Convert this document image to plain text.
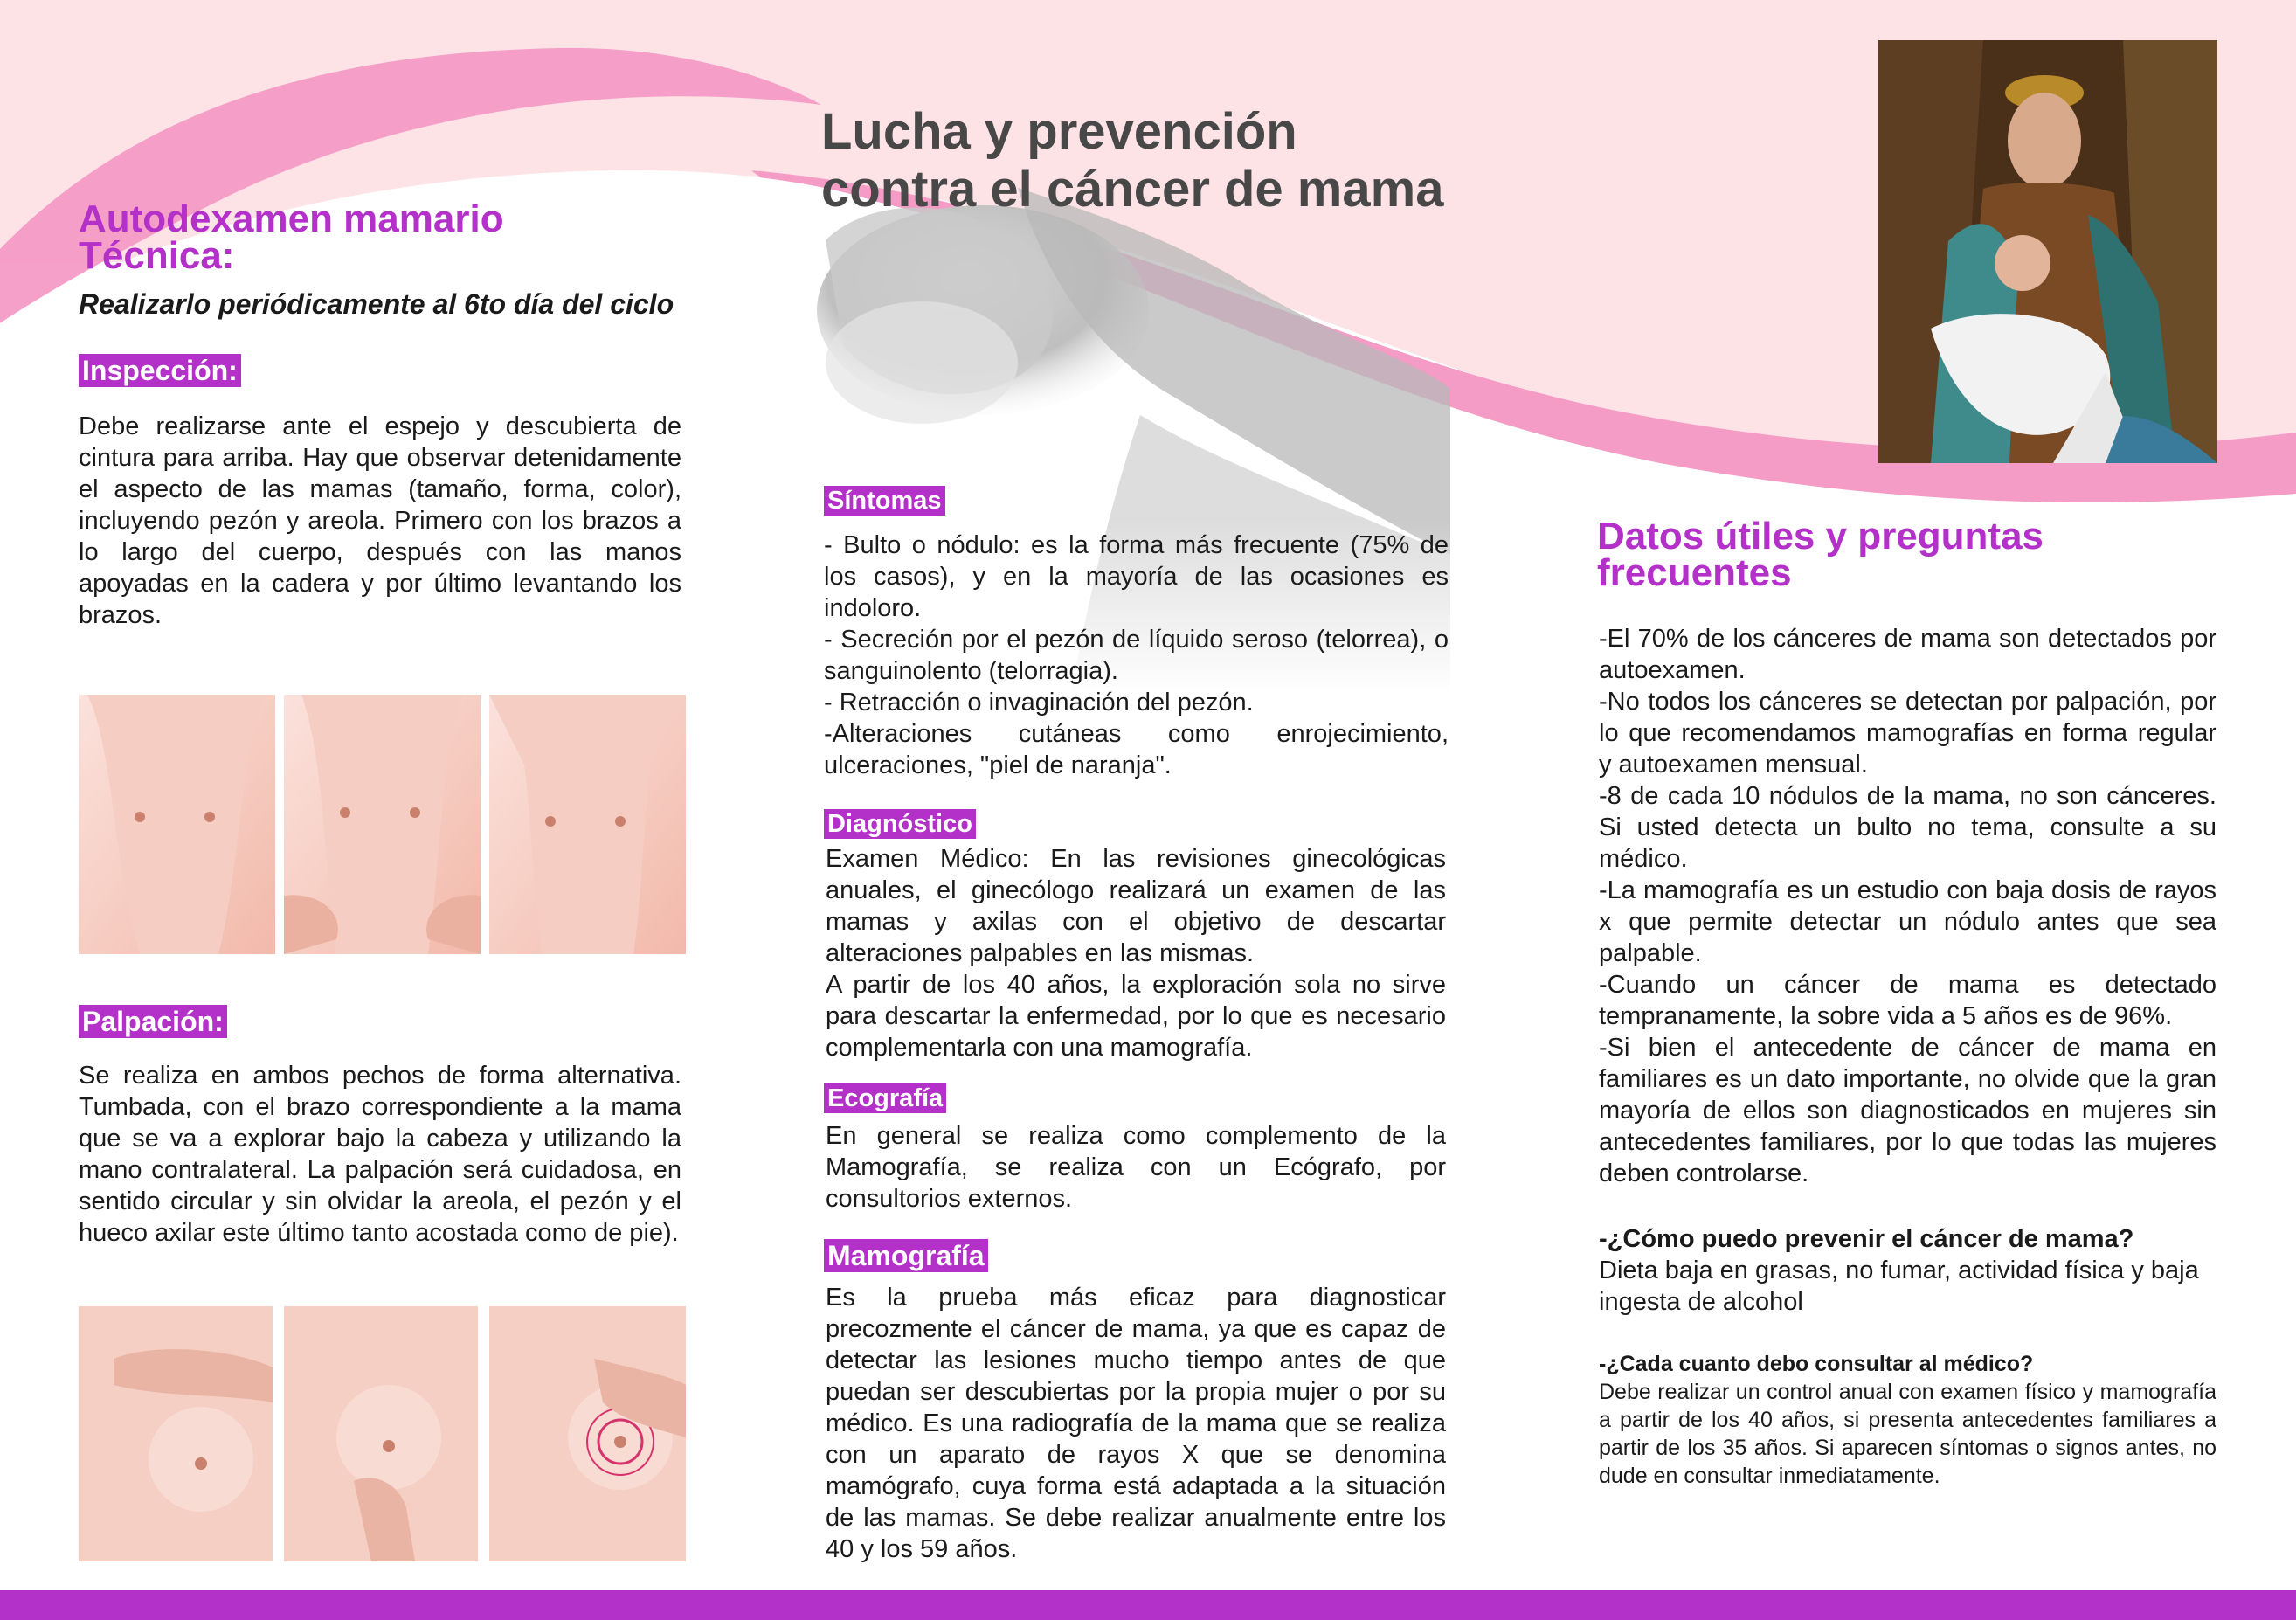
Lucha y prevención
contra el cáncer de mama
Autodexamen mamario
Técnica:
Realizarlo periódicamente al 6to día del ciclo
Inspección:
Debe realizarse ante el espejo y descubierta de cintura para arriba. Hay que observar detenidamente el aspecto de las mamas (tamaño, forma, color), incluyendo pezón y areola. Primero con los brazos a lo largo del cuerpo, después con las manos apoyadas en la cadera y por último levantando los brazos.
Palpación:
Se realiza en ambos pechos de forma alternativa. Tumbada, con el brazo correspondiente a la mama que se va a explorar bajo la cabeza y utilizando la mano contralateral. La palpación será cuidadosa, en sentido circular y sin olvidar la areola, el pezón y el hueco axilar este último tanto acostada como de pie).
Síntomas

- Bulto o nódulo: es la forma más frecuente (75% de los casos), y en la mayoría de las ocasiones es indoloro.

- Secreción por el pezón de líquido seroso (telorrea), o sanguinolento (telorragia).

- Retracción o invaginación del pezón.

-Alteraciones cutáneas como enrojecimiento, ulceraciones, "piel de naranja".

Diagnóstico

Examen Médico: En las revisiones ginecológicas anuales, el ginecólogo realizará un examen de las mamas y axilas con el objetivo de descartar alteraciones palpables en las mismas.

A partir de los 40 años, la exploración sola no sirve para descartar la enfermedad, por lo que es necesario complementarla con una mamografía.

Ecografía
En general se realiza como complemento de la Mamografía, se realiza con un Ecógrafo, por consultorios externos.
Mamografía
Es la prueba más eficaz para diagnosticar precozmente el cáncer de mama, ya que es capaz de detectar las lesiones mucho tiempo antes de que puedan ser descubiertas por la propia mujer o por su médico. Es una radiografía de la mama que se realiza con un aparato de rayos X que se denomina mamógrafo, cuya forma está adaptada a la situación de las mamas. Se debe realizar anualmente entre los 40 y los 59 años.
Datos útiles y preguntas
frecuentes

-El 70% de los cánceres de mama son detectados por autoexamen.

-No todos los cánceres se detectan por palpación, por lo que recomendamos mamografías en forma regular y autoexamen mensual.

-8 de cada 10 nódulos de la mama, no son cánceres. Si usted detecta un bulto no tema, consulte a su médico.

-La mamografía es un estudio con baja dosis de rayos x que permite detectar un nódulo antes que sea palpable.

-Cuando un cáncer de mama es detectado tempranamente, la sobre vida a 5 años es de 96%.

-Si bien el antecedente de cáncer de mama en familiares es un dato importante, no olvide que la gran mayoría de ellos son diagnosticados en mujeres sin antecedentes familiares, por lo que todas las mujeres deben controlarse.

-¿Cómo puedo prevenir el cáncer de mama?
Dieta baja en grasas, no fumar, actividad física y baja ingesta de alcohol
-¿Cada cuanto debo consultar al médico?
Debe realizar un control anual con examen físico y mamografía a partir de los 40 años, si presenta antecedentes familiares a partir de los 35 años. Si aparecen síntomas o signos antes, no dude en consultar inmediatamente.
